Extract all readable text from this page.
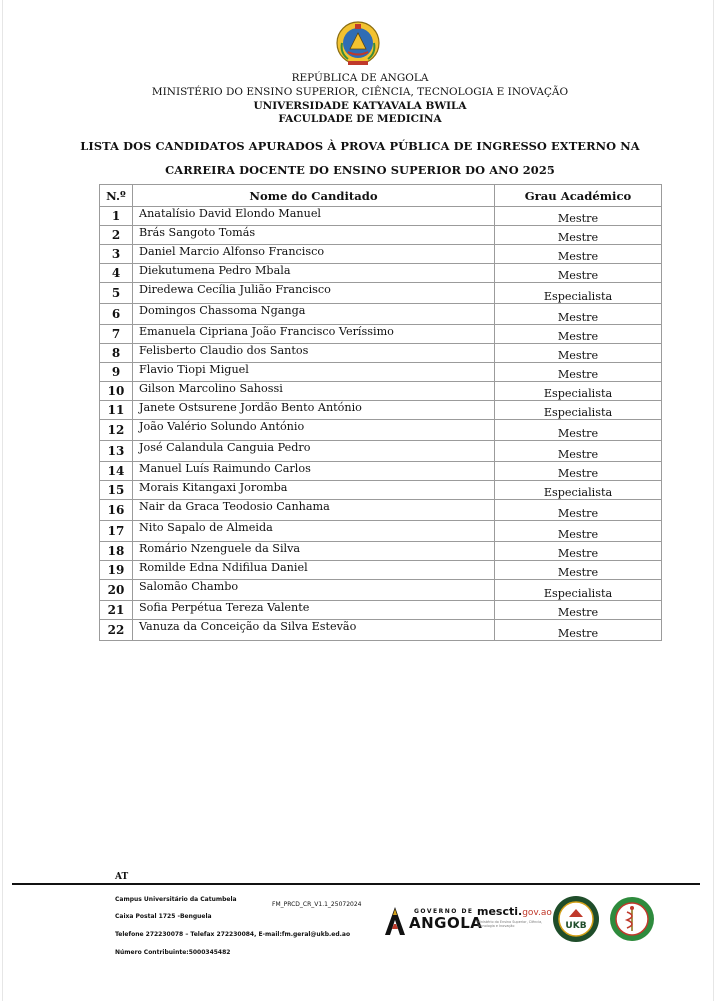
REPÚBLICA DE ANGOLA
MINISTÉRIO DO ENSINO SUPERIOR, CIÊNCIA, TECNOLOGIA E INOVAÇÃO
UNIVERSIDADE KATYAVALA BWILA
FACULDADE DE MEDICINA
LISTA DOS CANDIDATOS APURADOS À PROVA PÚBLICA DE INGRESSO EXTERNO NA
CARREIRA DOCENTE DO ENSINO SUPERIOR DO ANO 2025
N.º	Nome do Canditado	Grau Académico
1	Anatalísio David Elondo Manuel	Mestre
2	Brás Sangoto Tomás	Mestre
3	Daniel Marcio Alfonso Francisco	Mestre
4	Diekutumena Pedro Mbala	Mestre
5	Diredewa Cecília Julião Francisco	Especialista
6	Domingos Chassoma Nganga	Mestre
7	Emanuela Cipriana João Francisco Veríssimo	Mestre
8	Felisberto Claudio dos Santos	Mestre
9	Flavio Tiopi Miguel	Mestre
10	Gilson Marcolino Sahossi	Especialista
11	Janete Ostsurene Jordão Bento António	Especialista
12	João Valério Solundo António	Mestre
13	José Calandula Canguia Pedro	Mestre
14	Manuel Luís Raimundo Carlos	Mestre
15	Morais Kitangaxi Joromba	Especialista
16	Nair da Graca Teodosio Canhama	Mestre
17	Nito Sapalo de Almeida	Mestre
18	Romário Nzenguele da Silva	Mestre
19	Romilde Edna Ndifilua Daniel	Mestre
20	Salomão Chambo	Especialista
21	Sofia Perpétua Tereza Valente	Mestre
22	Vanuza da Conceição da Silva Estevão	Mestre
AT
Campus Universitário da Catumbela
Caixa Postal 1725 -Benguela
Telefone 272230078 – Telefax 272230084, E-mail:fm.geral@ukb.ed.ao
Número Contribuinte:5000345482
FM_PRCD_CR_V1.1_25072024
GOVERNO DE
ANGOLA
mescti.gov.ao
Ministério do Ensino Superior, Ciência, Tecnologia e Inovação	UKB
